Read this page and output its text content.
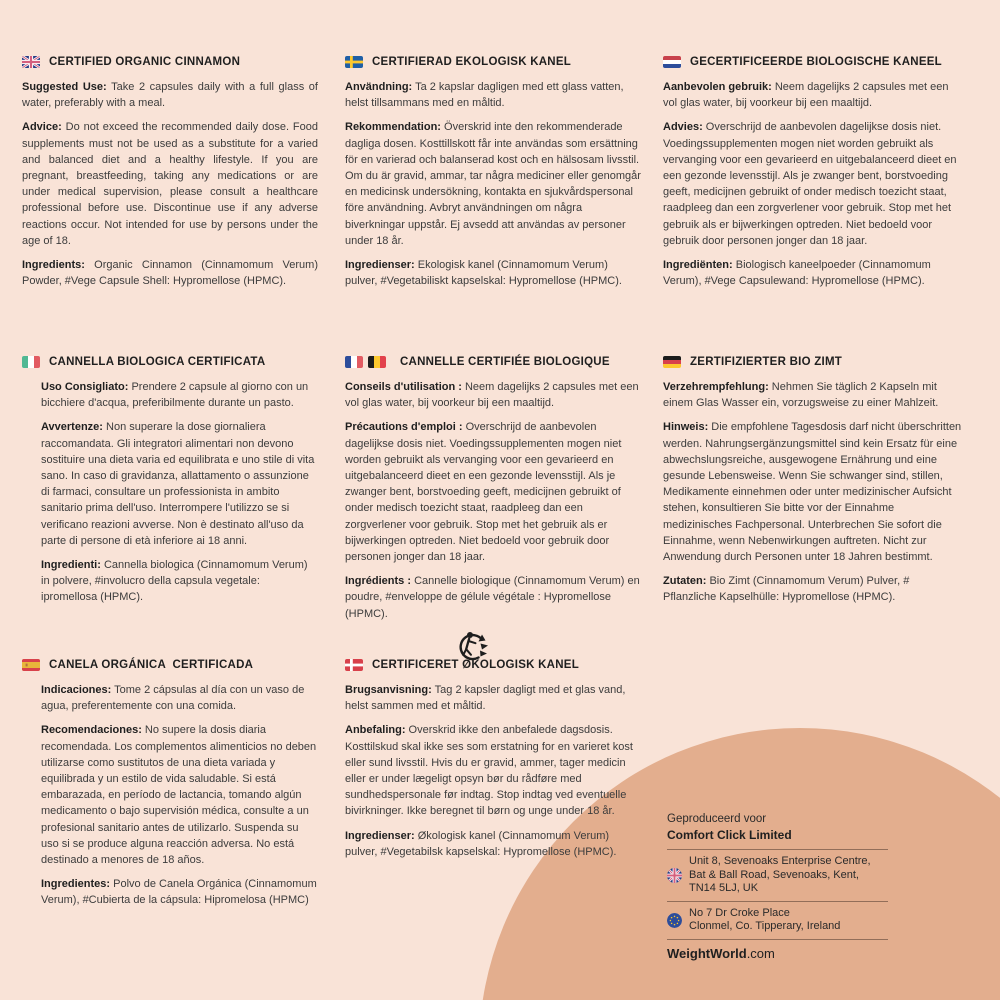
CERTIFIED ORGANIC CINNAMON

Suggested Use: Take 2 capsules daily with a full glass of water, preferably with a meal.

Advice: Do not exceed the recommended daily dose. Food supplements must not be used as a substitute for a varied and balanced diet and a healthy lifestyle. If you are pregnant, breastfeeding, taking any medications or are under medical supervision, please consult a healthcare professional before use. Discontinue use if any adverse reactions occur. Not intended for use by persons under the age of 18.

Ingredients: Organic Cinnamon (Cinnamomum Verum) Powder, #Vege Capsule Shell: Hypromellose (HPMC).

CERTIFIERAD EKOLOGISK KANEL

Användning: Ta 2 kapslar dagligen med ett glass vatten, helst tillsammans med en måltid.

Rekommendation: Överskrid inte den rekommenderade dagliga dosen. Kosttillskott får inte användas som ersättning för en varierad och balanserad kost och en hälsosam livsstil. Om du är gravid, ammar, tar några mediciner eller genomgår en medicinsk undersökning, kontakta en sjukvårdspersonal före användning. Avbryt användningen om några biverkningar uppstår. Ej avsedd att användas av personer under 18 år.

Ingredienser: Ekologisk kanel (Cinnamomum Verum) pulver, #Vegetabiliskt kapselskal: Hypromellose (HPMC).

GECERTIFICEERDE BIOLOGISCHE KANEEL

Aanbevolen gebruik: Neem dagelijks 2 capsules met een vol glas water, bij voorkeur bij een maaltijd.

Advies: Overschrijd de aanbevolen dagelijkse dosis niet. Voedingssupplementen mogen niet worden gebruikt als vervanging voor een gevarieerd en uitgebalanceerd dieet en een gezonde levensstijl. Als je zwanger bent, borstvoeding geeft, medicijnen gebruikt of onder medisch toezicht staat, raadpleeg dan een zorgverlener voor gebruik. Stop met het gebruik als er bijwerkingen optreden. Niet bedoeld voor gebruik door personen jonger dan 18 jaar.

Ingrediënten: Biologisch kaneelpoeder (Cinnamomum Verum), #Vege Capsulewand: Hypromellose (HPMC).

CANNELLA BIOLOGICA CERTIFICATA

Uso Consigliato: Prendere 2 capsule al giorno con un bicchiere d'acqua, preferibilmente durante un pasto.

Avvertenze: Non superare la dose giornaliera raccomandata. Gli integratori alimentari non devono sostituire una dieta varia ed equilibrata e uno stile di vita sano. In caso di gravidanza, allattamento o assunzione di farmaci, consultare un professionista in ambito sanitario prima dell'uso. Interrompere l'utilizzo se si verificano reazioni avverse. Non è destinato all'uso da parte di persone di età inferiore ai 18 anni.

Ingredienti: Cannella biologica (Cinnamomum Verum) in polvere, #involucro della capsula vegetale: ipromellosa (HPMC).

CANNELLE CERTIFIÉE BIOLOGIQUE

Conseils d'utilisation : Neem dagelijks 2 capsules met een vol glas water, bij voorkeur bij een maaltijd.

Précautions d'emploi : Overschrijd de aanbevolen dagelijkse dosis niet. Voedingssupplementen mogen niet worden gebruikt als vervanging voor een gevarieerd en uitgebalanceerd dieet en een gezonde levensstijl. Als je zwanger bent, borstvoeding geeft, medicijnen gebruikt of onder medisch toezicht staat, raadpleeg dan een zorgverlener voor gebruik. Stop met het gebruik als er bijwerkingen optreden. Niet bedoeld voor gebruik door personen jonger dan 18 jaar.

Ingrédients : Cannelle biologique (Cinnamomum Verum) en poudre, #enveloppe de gélule végétale : Hypromellose (HPMC).

ZERTIFIZIERTER BIO ZIMT

Verzehrempfehlung: Nehmen Sie täglich 2 Kapseln mit einem Glas Wasser ein, vorzugsweise zu einer Mahlzeit.

Hinweis: Die empfohlene Tagesdosis darf nicht überschritten werden. Nahrungsergänzungsmittel sind kein Ersatz für eine abwechslungsreiche, ausgewogene Ernährung und eine gesunde Lebensweise. Wenn Sie schwanger sind, stillen, Medikamente einnehmen oder unter medizinischer Aufsicht stehen, konsultieren Sie bitte vor der Einnahme medizinisches Fachpersonal. Unterbrechen Sie sofort die Einnahme, wenn Nebenwirkungen auftreten. Nicht zur Anwendung durch Personen unter 18 Jahren bestimmt.

Zutaten: Bio Zimt (Cinnamomum Verum) Pulver, # Pflanzliche Kapselhülle: Hypromellose (HPMC).

CANELA ORGÁNICA  CERTIFICADA

Indicaciones: Tome 2 cápsulas al día con un vaso de agua, preferentemente con una comida.

Recomendaciones: No supere la dosis diaria recomendada. Los complementos alimenticios no deben utilizarse como sustitutos de una dieta variada y equilibrada y un estilo de vida saludable. Si está embarazada, en período de lactancia, tomando algún medicamento o bajo supervisión médica, consulte a un profesional sanitario antes de utilizarlo. Suspenda su uso si se produce alguna reacción adversa. No está destinado a menores de 18 años.

Ingredientes: Polvo de Canela Orgánica (Cinnamomum Verum), #Cubierta de la cápsula: Hipromelosa (HPMC)

CERTIFICERET ØKOLOGISK KANEL

Brugsanvisning: Tag 2 kapsler dagligt med et glas vand, helst sammen med et måltid.

Anbefaling: Overskrid ikke den anbefalede dagsdosis. Kosttilskud skal ikke ses som erstatning for en varieret kost eller sund livsstil. Hvis du er gravid, ammer, tager medicin eller er under lægeligt opsyn bør du rådføre med sundhedspersonale før indtag. Stop indtag ved eventuelle bivirkninger. Ikke beregnet til børn og unge under 18 år.

Ingredienser: Økologisk kanel (Cinnamomum Verum) pulver, #Vegetabilsk kapselskal: Hypromellose (HPMC).

Geproduceerd voor
Comfort Click Limited
Unit 8, Sevenoaks Enterprise Centre,
Bat & Ball Road, Sevenoaks, Kent,
TN14 5LJ, UK
No 7 Dr Croke Place
Clonmel, Co. Tipperary, Ireland
WeightWorld.com
